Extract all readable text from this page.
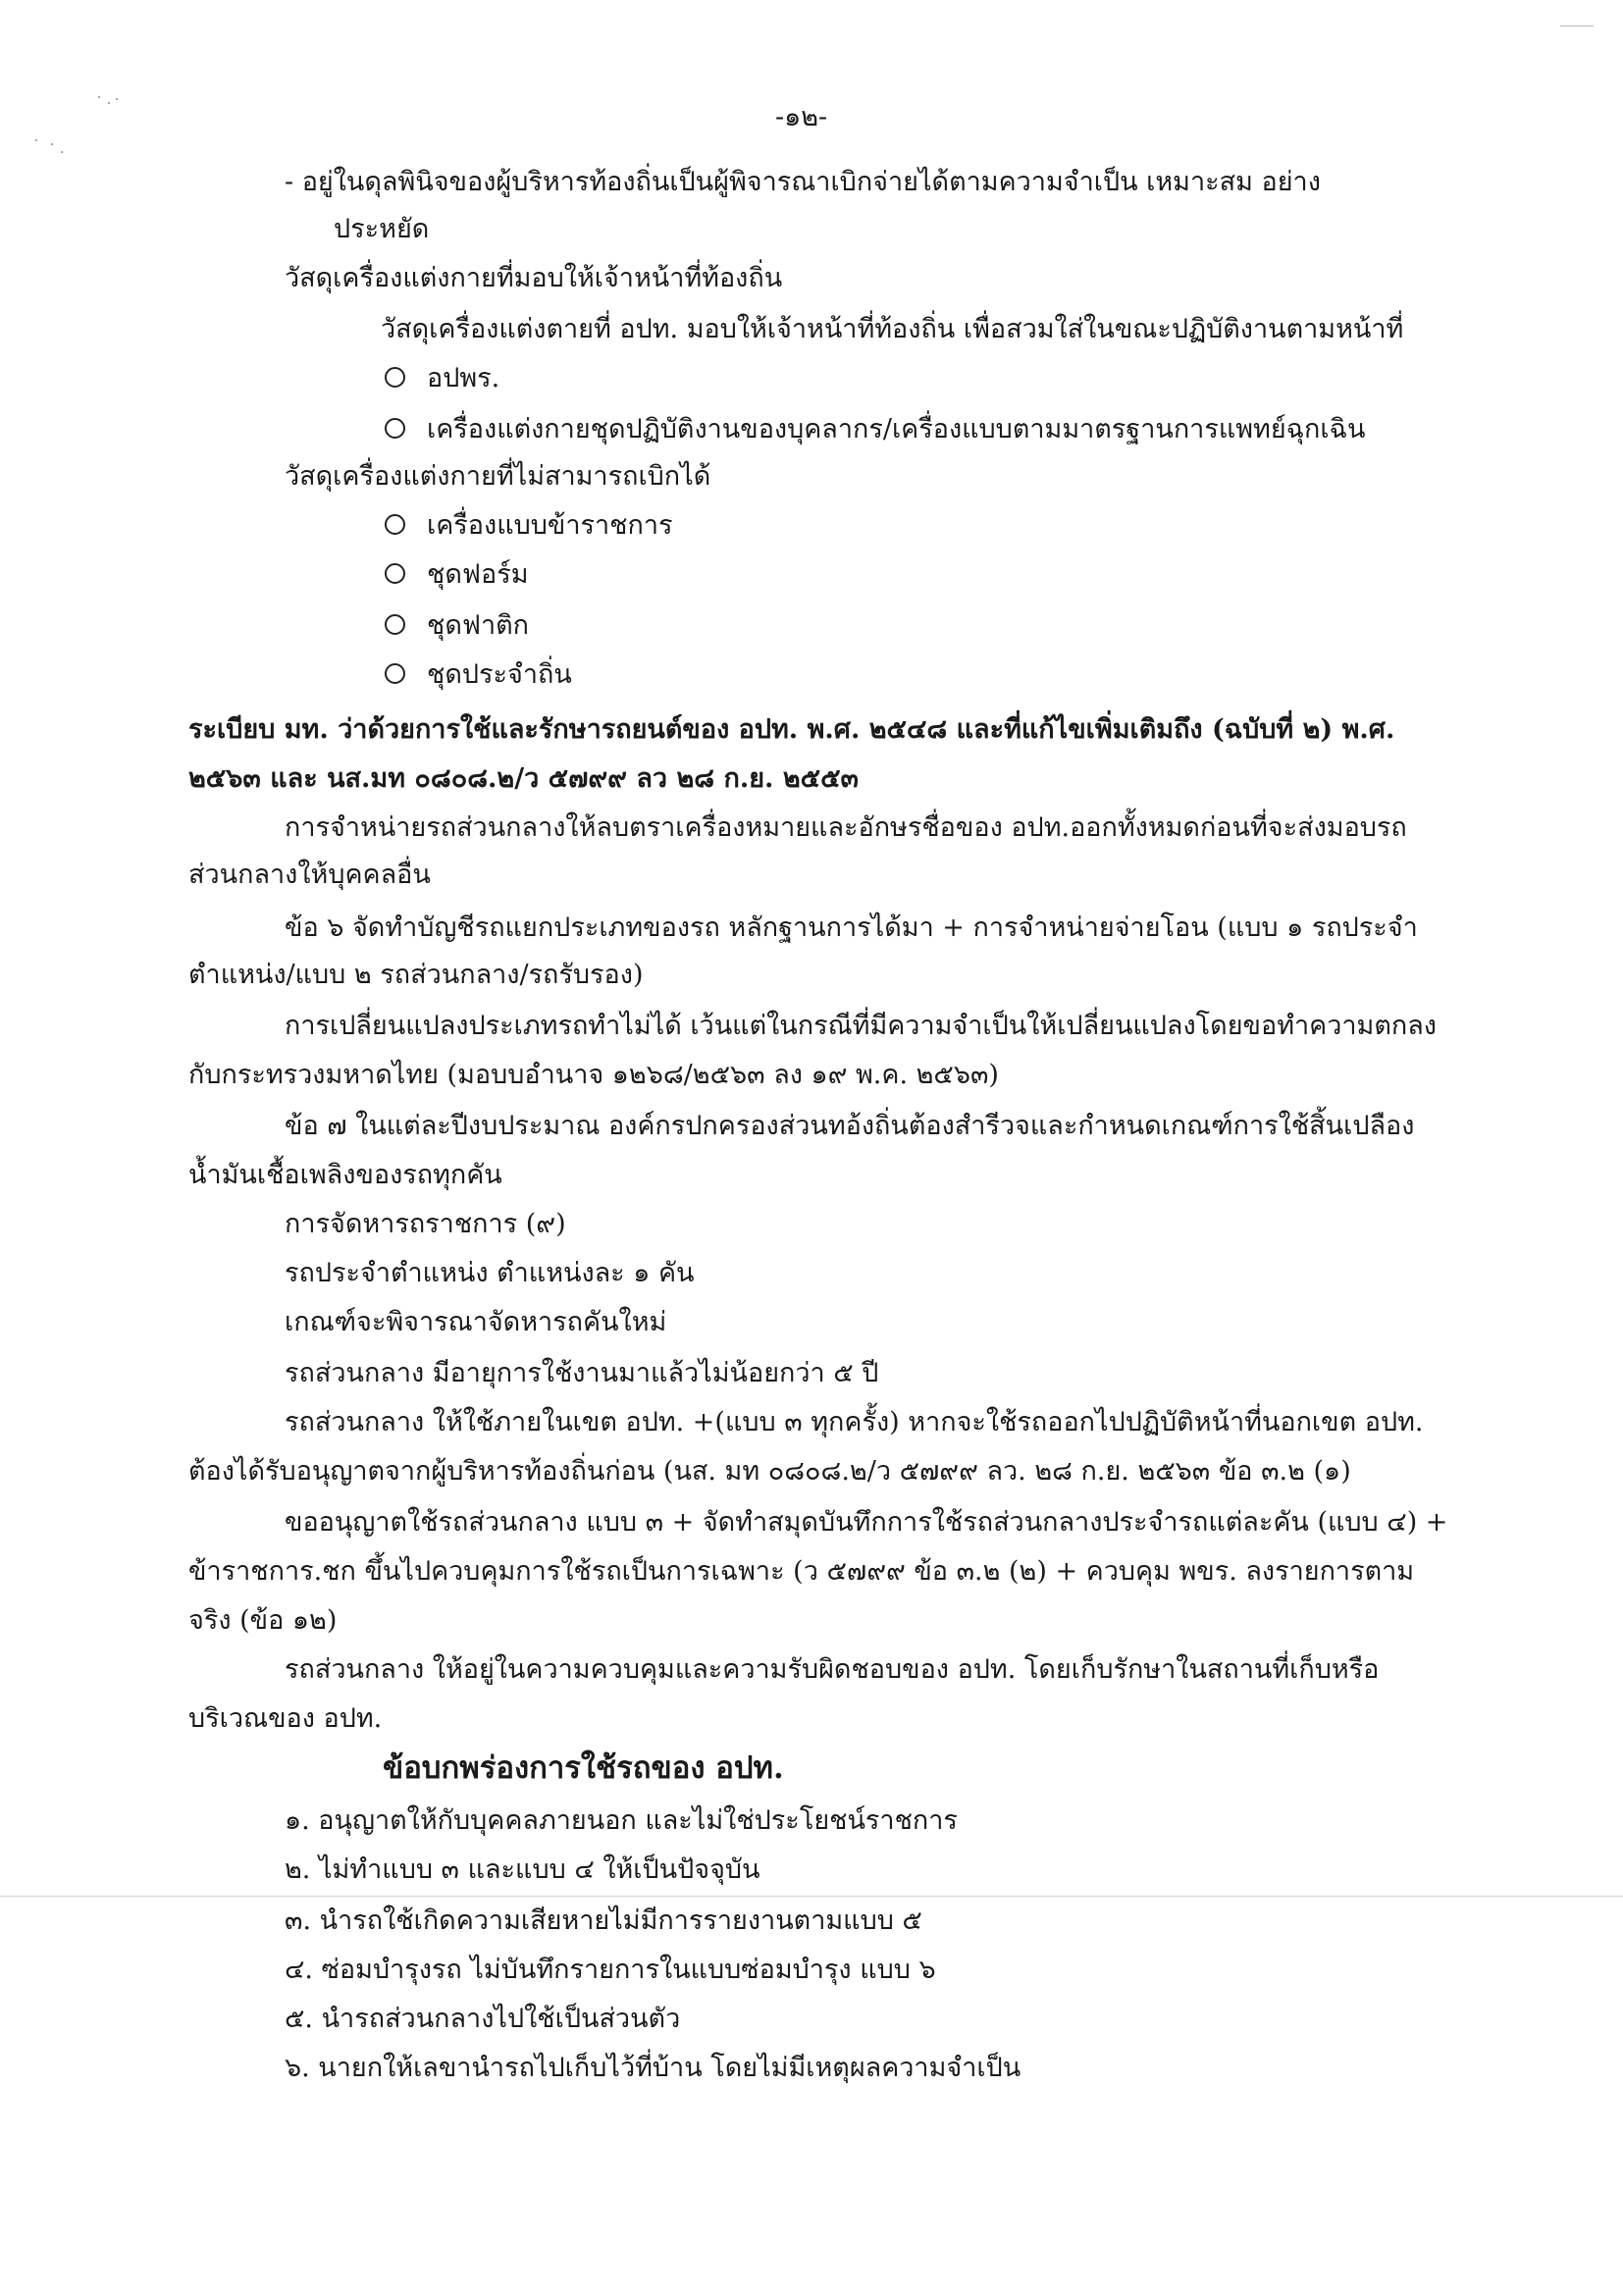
-๑๒-
- อยู่ในดุลพินิจของผู้บริหารท้องถิ่นเป็นผู้พิจารณาเบิกจ่ายได้ตามความจำเป็น เหมาะสม อย่าง
ประหยัด
วัสดุเครื่องแต่งกายที่มอบให้เจ้าหน้าที่ท้องถิ่น
วัสดุเครื่องแต่งตายที่ อปท. มอบให้เจ้าหน้าที่ท้องถิ่น เพื่อสวมใส่ในขณะปฏิบัติงานตามหน้าที่
อปพร.
เครื่องแต่งกายชุดปฏิบัติงานของบุคลากร/เครื่องแบบตามมาตรฐานการแพทย์ฉุกเฉิน
วัสดุเครื่องแต่งกายที่ไม่สามารถเบิกได้
เครื่องแบบข้าราชการ
ชุดฟอร์ม
ชุดฟาติก
ชุดประจำถิ่น
ระเบียบ มท. ว่าด้วยการใช้และรักษารถยนต์ของ อปท. พ.ศ. ๒๕๔๘ และที่แก้ไขเพิ่มเติมถึง (ฉบับที่ ๒) พ.ศ.
๒๕๖๓ และ นส.มท ๐๘๐๘.๒/ว ๕๗๙๙ ลว ๒๘ ก.ย. ๒๕๕๓
การจำหน่ายรถส่วนกลางให้ลบตราเครื่องหมายและอักษรชื่อของ อปท.ออกทั้งหมดก่อนที่จะส่งมอบรถ
ส่วนกลางให้บุคคลอื่น
ข้อ ๖ จัดทำบัญชีรถแยกประเภทของรถ หลักฐานการได้มา + การจำหน่ายจ่ายโอน (แบบ ๑ รถประจำ
ตำแหน่ง/แบบ ๒ รถส่วนกลาง/รถรับรอง)
การเปลี่ยนแปลงประเภทรถทำไม่ได้ เว้นแต่ในกรณีที่มีความจำเป็นให้เปลี่ยนแปลงโดยขอทำความตกลง
กับกระทรวงมหาดไทย (มอบบอำนาจ ๑๒๖๘/๒๕๖๓ ลง ๑๙ พ.ค. ๒๕๖๓)
ข้อ ๗ ในแต่ละปีงบประมาณ องค์กรปกครองส่วนทอ้งถิ่นต้องสำรีวจและกำหนดเกณฑ์การใช้สิ้นเปลือง
น้ำมันเชื้อเพลิงของรถทุกคัน
การจัดหารถราชการ (๙)
รถประจำตำแหน่ง ตำแหน่งละ ๑ คัน
เกณฑ์จะพิจารณาจัดหารถคันใหม่
รถส่วนกลาง มีอายุการใช้งานมาแล้วไม่น้อยกว่า ๕ ปี
รถส่วนกลาง ให้ใช้ภายในเขต อปท. +(แบบ ๓ ทุกครั้ง) หากจะใช้รถออกไปปฏิบัติหน้าที่นอกเขต อปท.
ต้องได้รับอนุญาตจากผู้บริหารท้องถิ่นก่อน (นส. มท ๐๘๐๘.๒/ว ๕๗๙๙ ลว. ๒๘ ก.ย. ๒๕๖๓ ข้อ ๓.๒ (๑)
ขออนุญาตใช้รถส่วนกลาง แบบ ๓ + จัดทำสมุดบันทึกการใช้รถส่วนกลางประจำรถแต่ละคัน (แบบ ๔) +
ข้าราชการ.ชก ขึ้นไปควบคุมการใช้รถเป็นการเฉพาะ (ว ๕๗๙๙ ข้อ ๓.๒ (๒) + ควบคุม พขร. ลงรายการตาม
จริง (ข้อ ๑๒)
รถส่วนกลาง ให้อยู่ในความควบคุมและความรับผิดชอบของ อปท. โดยเก็บรักษาในสถานที่เก็บหรือ
บริเวณของ อปท.
ข้อบกพร่องการใช้รถของ อปท.
๑. อนุญาตให้กับบุคคลภายนอก และไม่ใช่ประโยชน์ราชการ
๒. ไม่ทำแบบ ๓ และแบบ ๔ ให้เป็นปัจจุบัน
๓. นำรถใช้เกิดความเสียหายไม่มีการรายงานตามแบบ ๕
๔. ซ่อมบำรุงรถ ไม่บันทึกรายการในแบบซ่อมบำรุง แบบ ๖
๕. นำรถส่วนกลางไปใช้เป็นส่วนตัว
๖. นายกให้เลขานำรถไปเก็บไว้ที่บ้าน โดยไม่มีเหตุผลความจำเป็น
